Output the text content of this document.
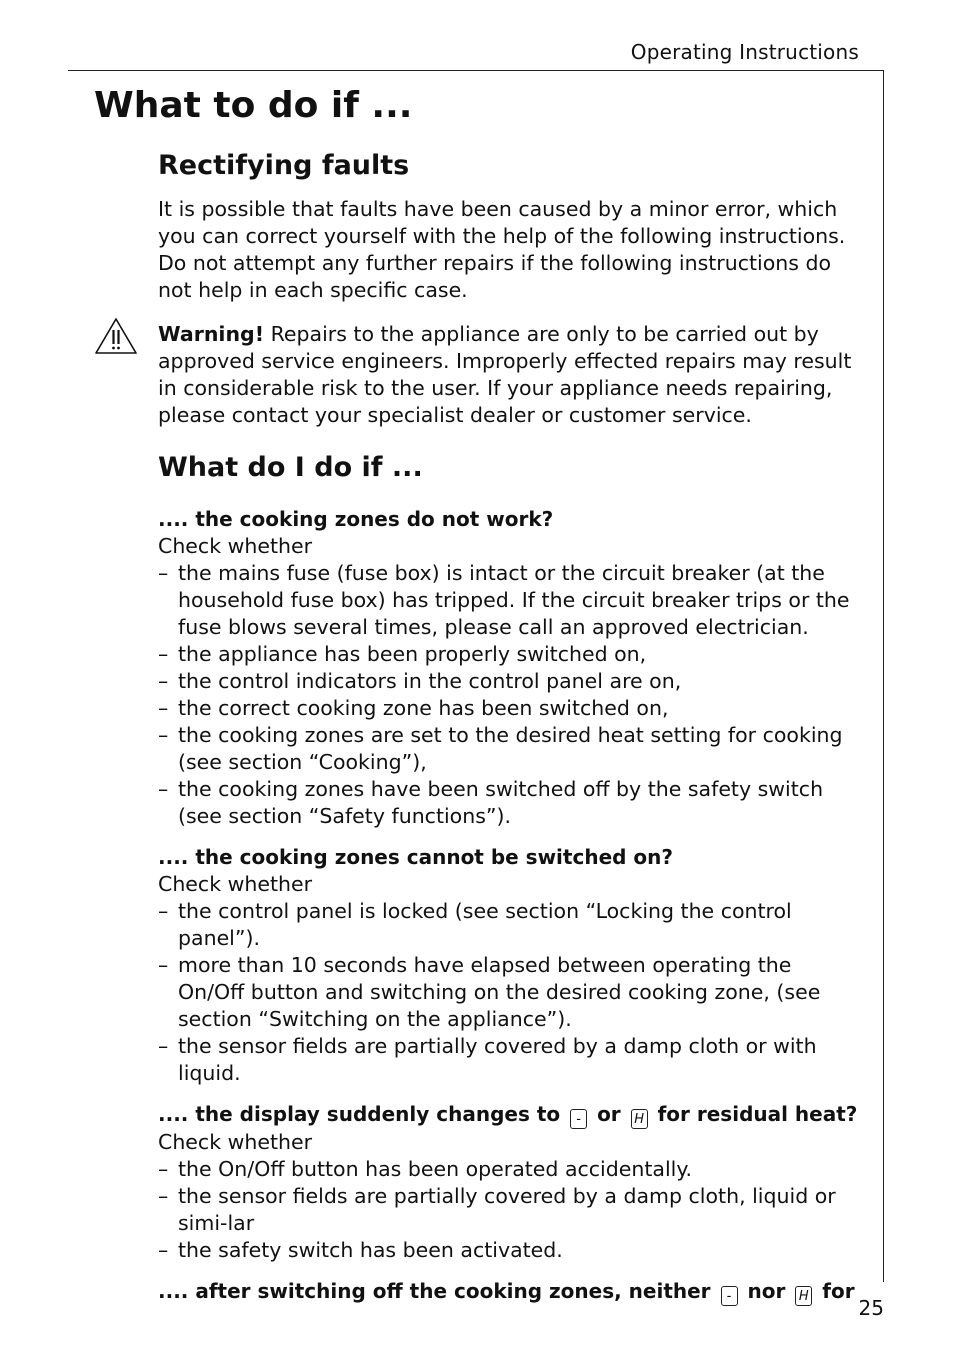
Operating Instructions
What to do if ...
Rectifying faults

It is possible that faults have been caused by a minor error, which you can correct yourself with the help of the following instructions. Do not attempt any further repairs if the following instructions do not help in each specific case.

Warning! Repairs to the appliance are only to be carried out by approved service engineers. Improperly effected repairs may result in considerable risk to the user. If your appliance needs repairing, please contact your specialist dealer or customer service.

What do I do if ...

.... the cooking zones do not work?

Check whether

– the mains fuse (fuse box) is intact or the circuit breaker (at the household fuse box) has tripped. If the circuit breaker trips or the fuse blows several times, please call an approved electrician.
– the appliance has been properly switched on,
– the control indicators in the control panel are on,
– the correct cooking zone has been switched on,
– the cooking zones are set to the desired heat setting for cooking (see section “Cooking”),
– the cooking zones have been switched off by the safety switch (see section “Safety functions”).

.... the cooking zones cannot be switched on?

Check whether

– the control panel is locked (see section “Locking the control panel”).
– more than 10 seconds have elapsed between operating the On/Off button and switching on the desired cooking zone, (see section “Switching on the appliance”).
– the sensor fields are partially covered by a damp cloth or with liquid.

.... the display suddenly changes to - or H for residual heat?

Check whether

– the On/Off button has been operated accidentally.
– the sensor fields are partially covered by a damp cloth, liquid or simi-lar
– the safety switch has been activated.

.... after switching off the cooking zones, neither - nor H for

25
